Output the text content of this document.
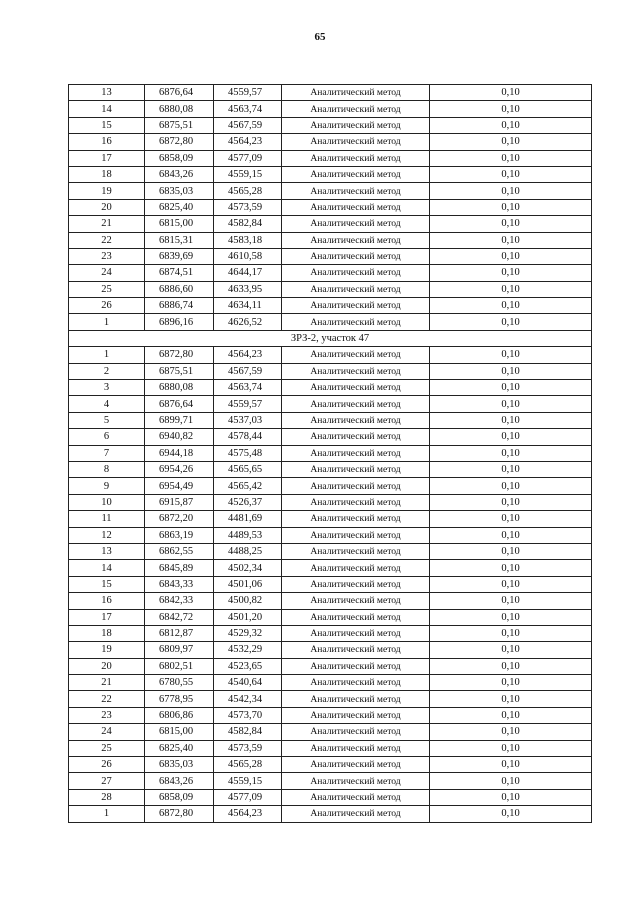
65
13	6876,64	4559,57	Аналитический метод	0,10
14	6880,08	4563,74	Аналитический метод	0,10
15	6875,51	4567,59	Аналитический метод	0,10
16	6872,80	4564,23	Аналитический метод	0,10
17	6858,09	4577,09	Аналитический метод	0,10
18	6843,26	4559,15	Аналитический метод	0,10
19	6835,03	4565,28	Аналитический метод	0,10
20	6825,40	4573,59	Аналитический метод	0,10
21	6815,00	4582,84	Аналитический метод	0,10
22	6815,31	4583,18	Аналитический метод	0,10
23	6839,69	4610,58	Аналитический метод	0,10
24	6874,51	4644,17	Аналитический метод	0,10
25	6886,60	4633,95	Аналитический метод	0,10
26	6886,74	4634,11	Аналитический метод	0,10
1	6896,16	4626,52	Аналитический метод	0,10
ЗРЗ-2, участок 47				
1	6872,80	4564,23	Аналитический метод	0,10
2	6875,51	4567,59	Аналитический метод	0,10
3	6880,08	4563,74	Аналитический метод	0,10
4	6876,64	4559,57	Аналитический метод	0,10
5	6899,71	4537,03	Аналитический метод	0,10
6	6940,82	4578,44	Аналитический метод	0,10
7	6944,18	4575,48	Аналитический метод	0,10
8	6954,26	4565,65	Аналитический метод	0,10
9	6954,49	4565,42	Аналитический метод	0,10
10	6915,87	4526,37	Аналитический метод	0,10
11	6872,20	4481,69	Аналитический метод	0,10
12	6863,19	4489,53	Аналитический метод	0,10
13	6862,55	4488,25	Аналитический метод	0,10
14	6845,89	4502,34	Аналитический метод	0,10
15	6843,33	4501,06	Аналитический метод	0,10
16	6842,33	4500,82	Аналитический метод	0,10
17	6842,72	4501,20	Аналитический метод	0,10
18	6812,87	4529,32	Аналитический метод	0,10
19	6809,97	4532,29	Аналитический метод	0,10
20	6802,51	4523,65	Аналитический метод	0,10
21	6780,55	4540,64	Аналитический метод	0,10
22	6778,95	4542,34	Аналитический метод	0,10
23	6806,86	4573,70	Аналитический метод	0,10
24	6815,00	4582,84	Аналитический метод	0,10
25	6825,40	4573,59	Аналитический метод	0,10
26	6835,03	4565,28	Аналитический метод	0,10
27	6843,26	4559,15	Аналитический метод	0,10
28	6858,09	4577,09	Аналитический метод	0,10
1	6872,80	4564,23	Аналитический метод	0,10
